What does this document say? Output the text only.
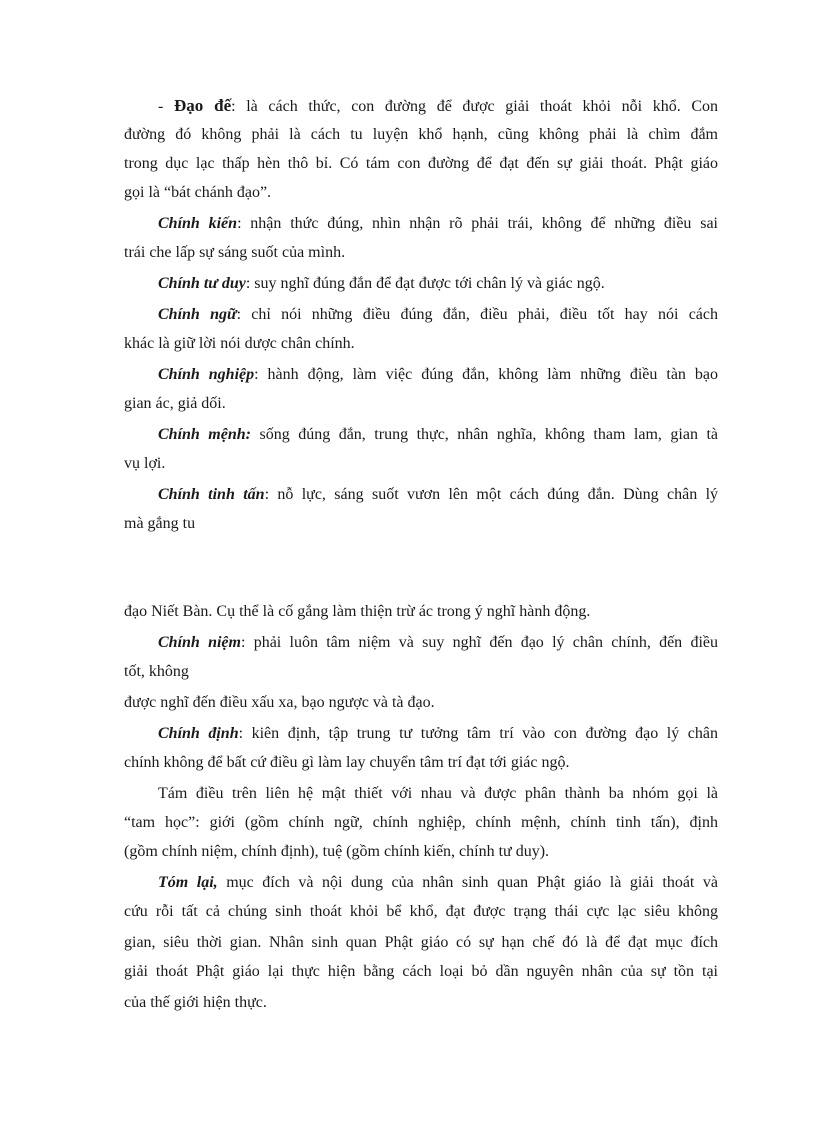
- Đạo đế: là cách thức, con đường để được giải thoát khỏi nỗi khổ. Con
đường đó không phải là cách tu luyện khổ hạnh, cũng không phải là chìm đắm
trong dục lạc thấp hèn thô bỉ. Có tám con đường để đạt đến sự giải thoát. Phật giáo
gọi là “bát chánh đạo”.
Chính kiến: nhận thức đúng, nhìn nhận rõ phải trái, không để những điều sai
trái che lấp sự sáng suốt của mình.
Chính tư duy: suy nghĩ đúng đắn để đạt được tới chân lý và giác ngộ.
Chính ngữ: chỉ nói những điều đúng đắn, điều phải, điều tốt hay nói cách
khác là giữ lời nói dược chân chính.
Chính nghiệp: hành động, làm việc đúng đắn, không làm những điều tàn bạo
gian ác, giả dối.
Chính mệnh: sống đúng đắn, trung thực, nhân nghĩa, không tham lam, gian tà
vụ lợi.
Chính tinh tấn: nỗ lực, sáng suốt vươn lên một cách đúng đắn. Dùng chân lý
mà gắng tu
đạo Niết Bàn. Cụ thể là cố gắng làm thiện trừ ác trong ý nghĩ hành động.
Chính niệm: phải luôn tâm niệm và suy nghĩ đến đạo lý chân chính, đến điều
tốt, không
được nghĩ đến điều xấu xa, bạo ngược và tà đạo.
Chính định: kiên định, tập trung tư tưởng tâm trí vào con đường đạo lý chân
chính không để bất cứ điều gì làm lay chuyển tâm trí đạt tới giác ngộ.
Tám điều trên liên hệ mật thiết với nhau và được phân thành ba nhóm gọi là
“tam học”: giới (gồm chính ngữ, chính nghiệp, chính mệnh, chính tinh tấn), định
(gồm chính niệm, chính định), tuệ (gồm chính kiến, chính tư duy).
Tóm lại, mục đích và nội dung của nhân sinh quan Phật giáo là giải thoát và
cứu rỗi tất cả chúng sinh thoát khỏi bể khổ, đạt được trạng thái cực lạc siêu không
gian, siêu thời gian. Nhân sinh quan Phật giáo có sự hạn chế đó là để đạt mục đích
giải thoát Phật giáo lại thực hiện bằng cách loại bỏ dần nguyên nhân của sự tồn tại
của thế giới hiện thực.
